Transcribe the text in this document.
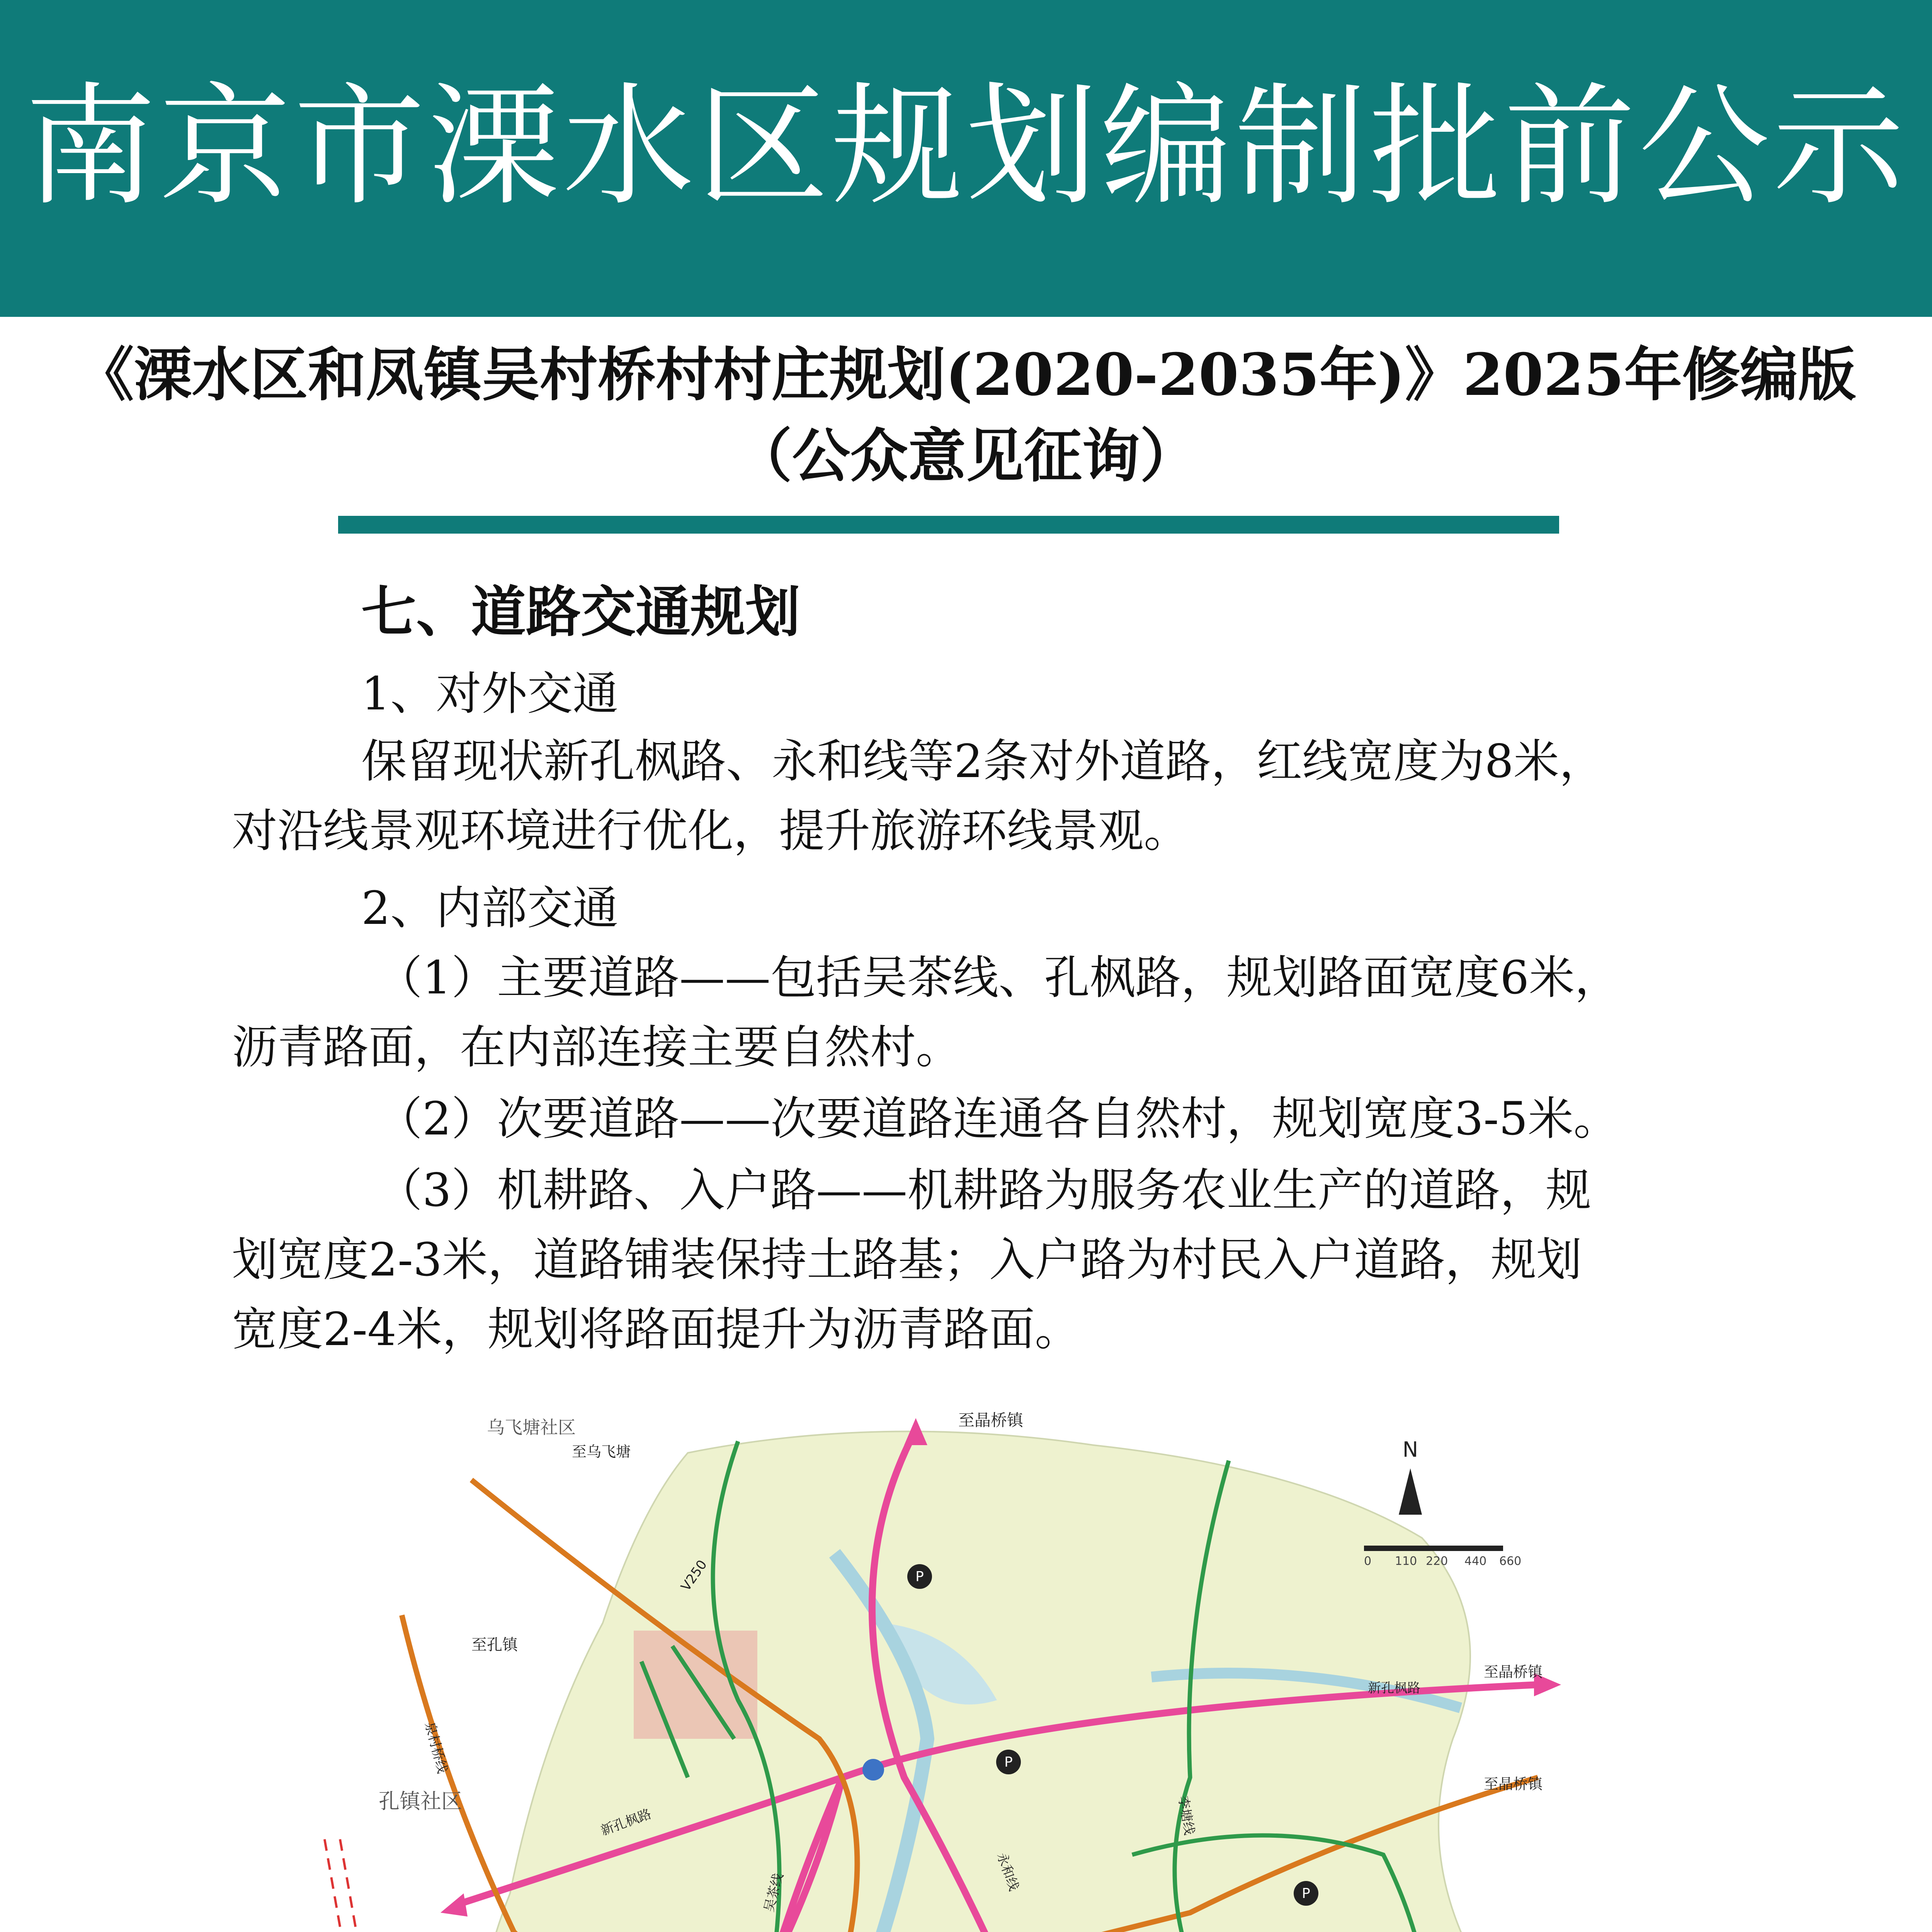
南京市溧水区规划编制批前公示
《溧水区和凤镇吴村桥村村庄规划(2020-2035年)》2025年修编版
（公众意见征询）
七、道路交通规划
1、对外交通
保留现状新孔枫路、永和线等2条对外道路，红线宽度为8米，
对沿线景观环境进行优化，提升旅游环线景观。
2、内部交通
（1）主要道路——包括吴茶线、孔枫路，规划路面宽度6米，
沥青路面，在内部连接主要自然村。
（2）次要道路——次要道路连通各自然村，规划宽度3-5米。
（3）机耕路、入户路——机耕路为服务农业生产的道路，规
划宽度2-3米，道路铺装保持土路基；入户路为村民入户道路，规划
宽度2-4米，规划将路面提升为沥青路面。
P
P
P
N
0 110 220 440 660
乌飞塘社区
孔镇社区
至晶桥镇
至乌飞塘
至孔镇
至晶桥镇
至晶桥镇
V250
新孔枫路
新孔枫路
永和线
吴茶线
泉村桥线
李塘线
